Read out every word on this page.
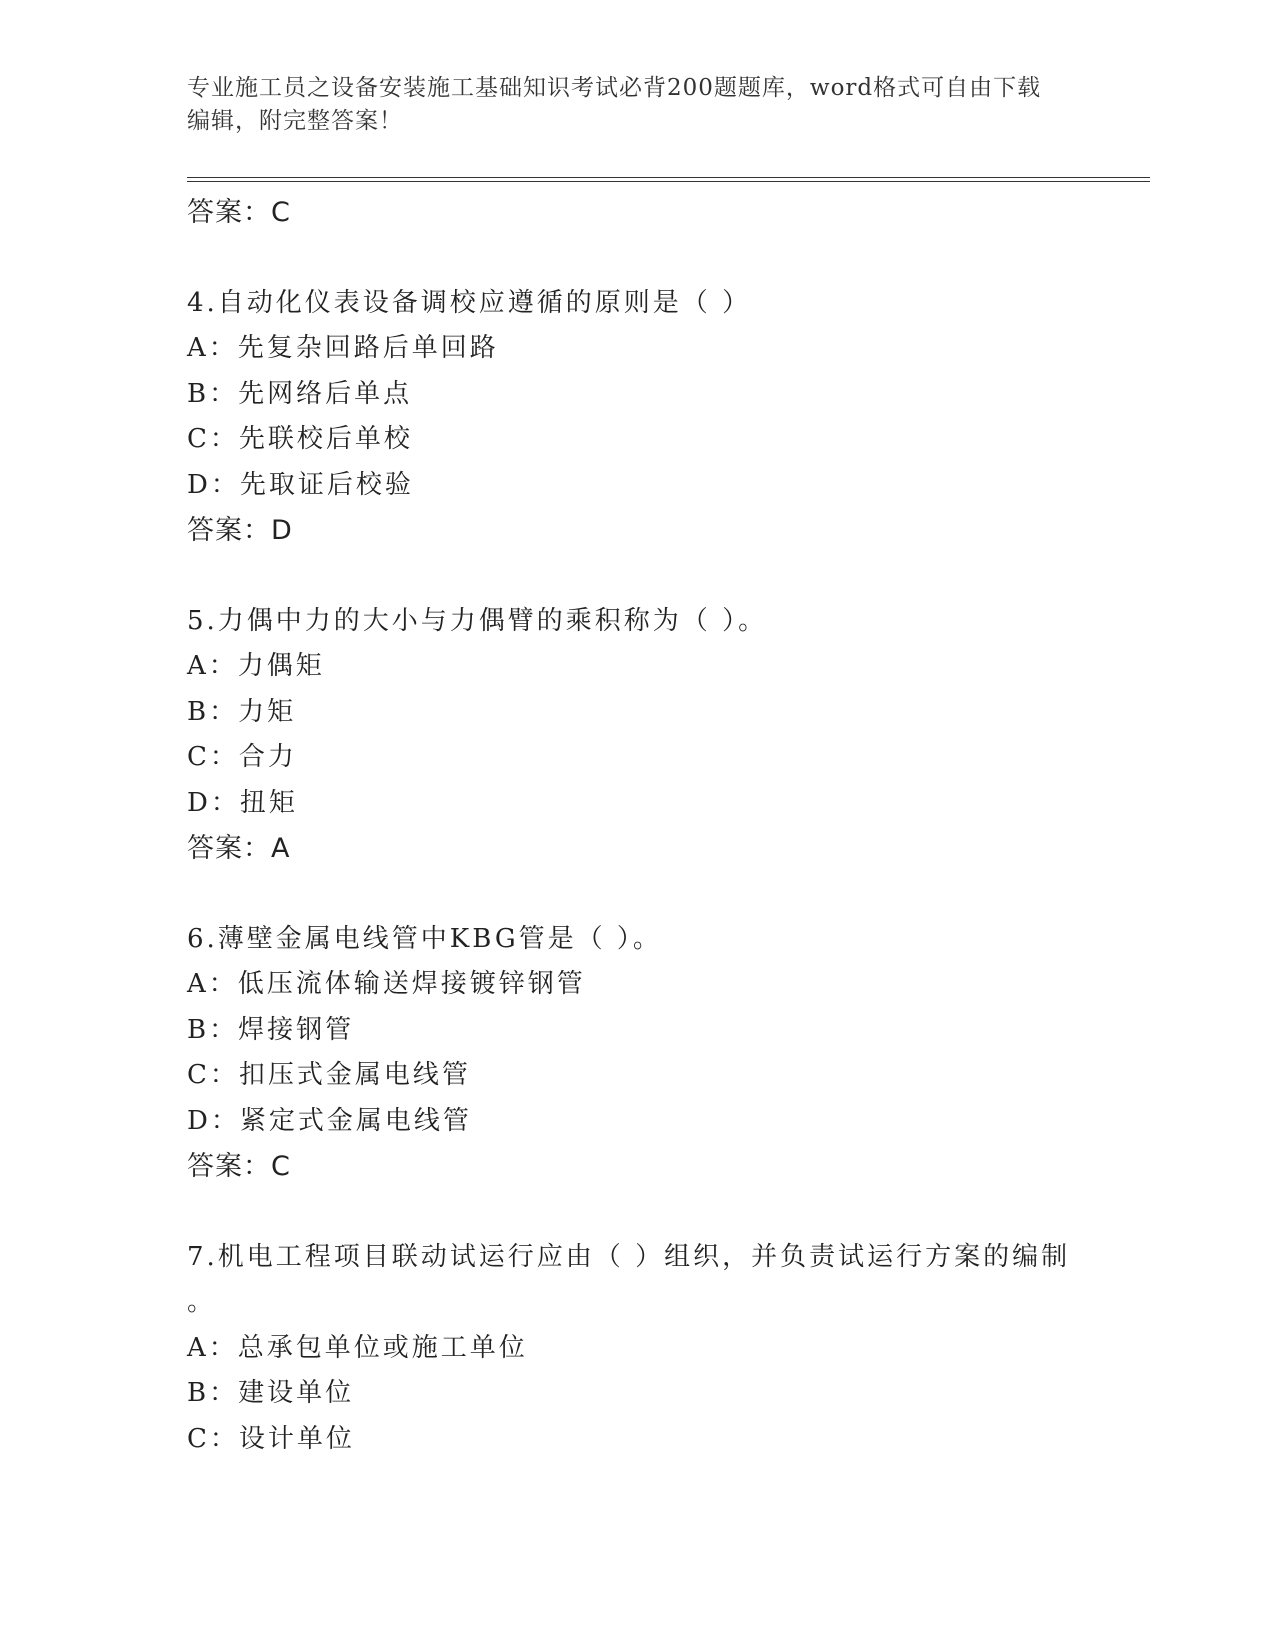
专业施工员之设备安装施工基础知识考试必背200题题库，word格式可自由下载
编辑，附完整答案！
答案：C
4.自动化仪表设备调校应遵循的原则是（ ）
A：先复杂回路后单回路
B：先网络后单点
C：先联校后单校
D：先取证后校验
答案：D
5.力偶中力的大小与力偶臂的乘积称为（ ）。
A：力偶矩
B：力矩
C：合力
D：扭矩
答案：A
6.薄壁金属电线管中KBG管是（ ）。
A：低压流体输送焊接镀锌钢管
B：焊接钢管
C：扣压式金属电线管
D：紧定式金属电线管
答案：C
7.机电工程项目联动试运行应由（ ）组织，并负责试运行方案的编制
。
A：总承包单位或施工单位
B：建设单位
C：设计单位
